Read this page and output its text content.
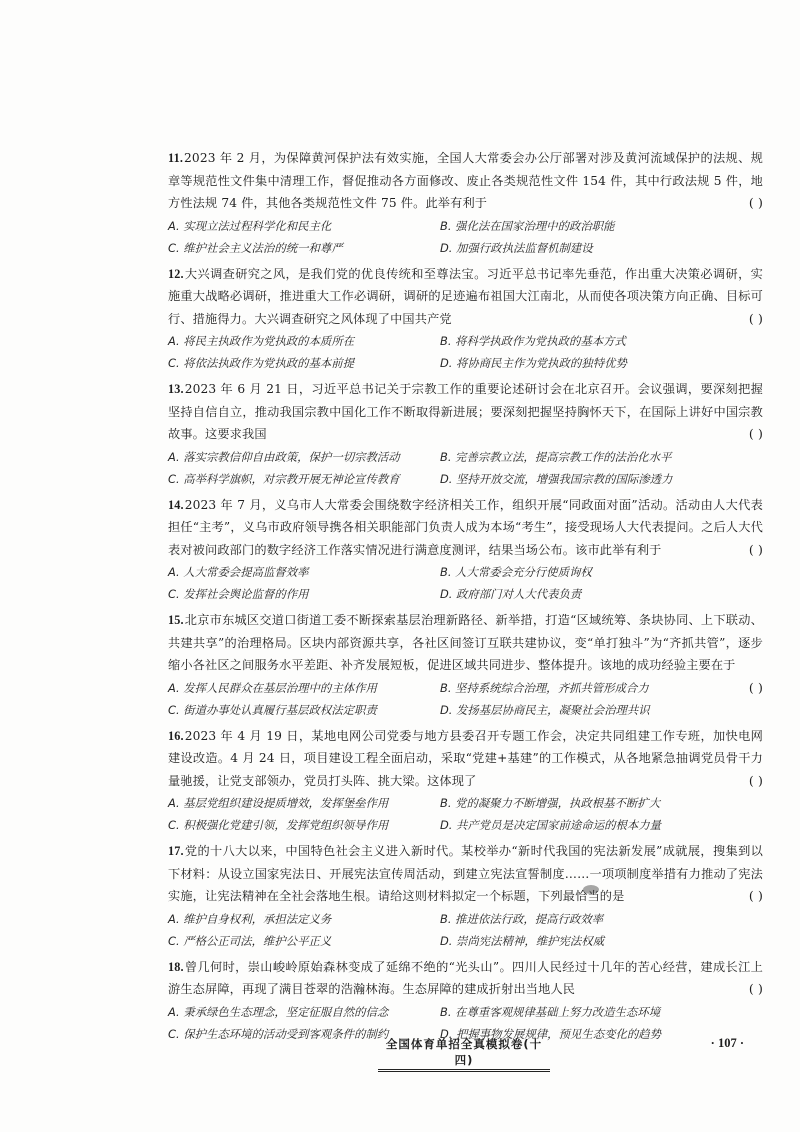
11.2023 年 2 月，为保障黄河保护法有效实施，全国人大常委会办公厅部署对涉及黄河流域保护的法规、规章等规范性文件集中清理工作，督促推动各方面修改、废止各类规范性文件 154 件，其中行政法规 5 件，地方性法规 74 件，其他各类规范性文件 75 件。此举有利于	( )
A. 实现立法过程科学化和民主化	B. 强化法在国家治理中的政治职能
C. 维护社会主义法治的统一和尊严	D. 加强行政执法监督机制建设
12.大兴调查研究之风，是我们党的优良传统和至尊法宝。习近平总书记率先垂范，作出重大决策必调研，实施重大战略必调研，推进重大工作必调研，调研的足迹遍布祖国大江南北，从而使各项决策方向正确、目标可行、措施得力。大兴调查研究之风体现了中国共产党	( )
A. 将民主执政作为党执政的本质所在	B. 将科学执政作为党执政的基本方式
C. 将依法执政作为党执政的基本前提	D. 将协商民主作为党执政的独特优势
13.2023 年 6 月 21 日，习近平总书记关于宗教工作的重要论述研讨会在北京召开。会议强调，要深刻把握坚持自信自立，推动我国宗教中国化工作不断取得新进展；要深刻把握坚持胸怀天下，在国际上讲好中国宗教故事。这要求我国	( )
A. 落实宗教信仰自由政策，保护一切宗教活动	B. 完善宗教立法，提高宗教工作的法治化水平
C. 高举科学旗帜，对宗教开展无神论宣传教育	D. 坚持开放交流，增强我国宗教的国际渗透力
14.2023 年 7 月，义乌市人大常委会围绕数字经济相关工作，组织开展“同政面对面”活动。活动由人大代表担任“主考”，义乌市政府领导携各相关职能部门负责人成为本场“考生”，接受现场人大代表提问。之后人大代表对被问政部门的数字经济工作落实情况进行满意度测评，结果当场公布。该市此举有利于	( )
A. 人大常委会提高监督效率	B. 人大常委会充分行使质询权
C. 发挥社会舆论监督的作用	D. 政府部门对人大代表负责
15.北京市东城区交道口街道工委不断探索基层治理新路径、新举措，打造“区域统筹、条块协同、上下联动、共建共享”的治理格局。区块内部资源共享，各社区间签订互联共建协议，变“单打独斗”为“齐抓共管”，逐步缩小各社区之间服务水平差距、补齐发展短板，促进区域共同进步、整体提升。该地的成功经验主要在于
( )
A. 发挥人民群众在基层治理中的主体作用	B. 坚持系统综合治理，齐抓共管形成合力
C. 街道办事处认真履行基层政权法定职责	D. 发扬基层协商民主，凝聚社会治理共识
16.2023 年 4 月 19 日，某地电网公司党委与地方县委召开专题工作会，决定共同组建工作专班，加快电网建设改造。4 月 24 日，项目建设工程全面启动，采取“党建+基建”的工作模式，从各地紧急抽调党员骨干力量驰援，让党支部领办，党员打头阵、挑大梁。这体现了	( )
A. 基层党组织建设提质增效，发挥堡垒作用	B. 党的凝聚力不断增强，执政根基不断扩大
C. 积极强化党建引领，发挥党组织领导作用	D. 共产党员是决定国家前途命运的根本力量
17.党的十八大以来，中国特色社会主义进入新时代。某校举办“新时代我国的宪法新发展”成就展，搜集到以下材料：从设立国家宪法日、开展宪法宣传周活动，到建立宪法宣誓制度……一项项制度举措有力推动了宪法实施，让宪法精神在全社会落地生根。请给这则材料拟定一个标题，下列最恰当的是	( )
A. 维护自身权利，承担法定义务	B. 推进依法行政，提高行政效率
C. 严格公正司法，维护公平正义	D. 崇尚宪法精神，维护宪法权威
18.曾几何时，崇山峻岭原始森林变成了延绵不绝的“光头山”。四川人民经过十几年的苦心经营，建成长江上游生态屏障，再现了满目苍翠的浩瀚林海。生态屏障的建成折射出当地人民	( )
A. 秉承绿色生态理念，坚定征服自然的信念	B. 在尊重客观规律基础上努力改造生态环境
C. 保护生态环境的活动受到客观条件的制约	D. 把握事物发展规律，预见生态变化的趋势
全国体育单招全真模拟卷(十四)
· 107 ·
